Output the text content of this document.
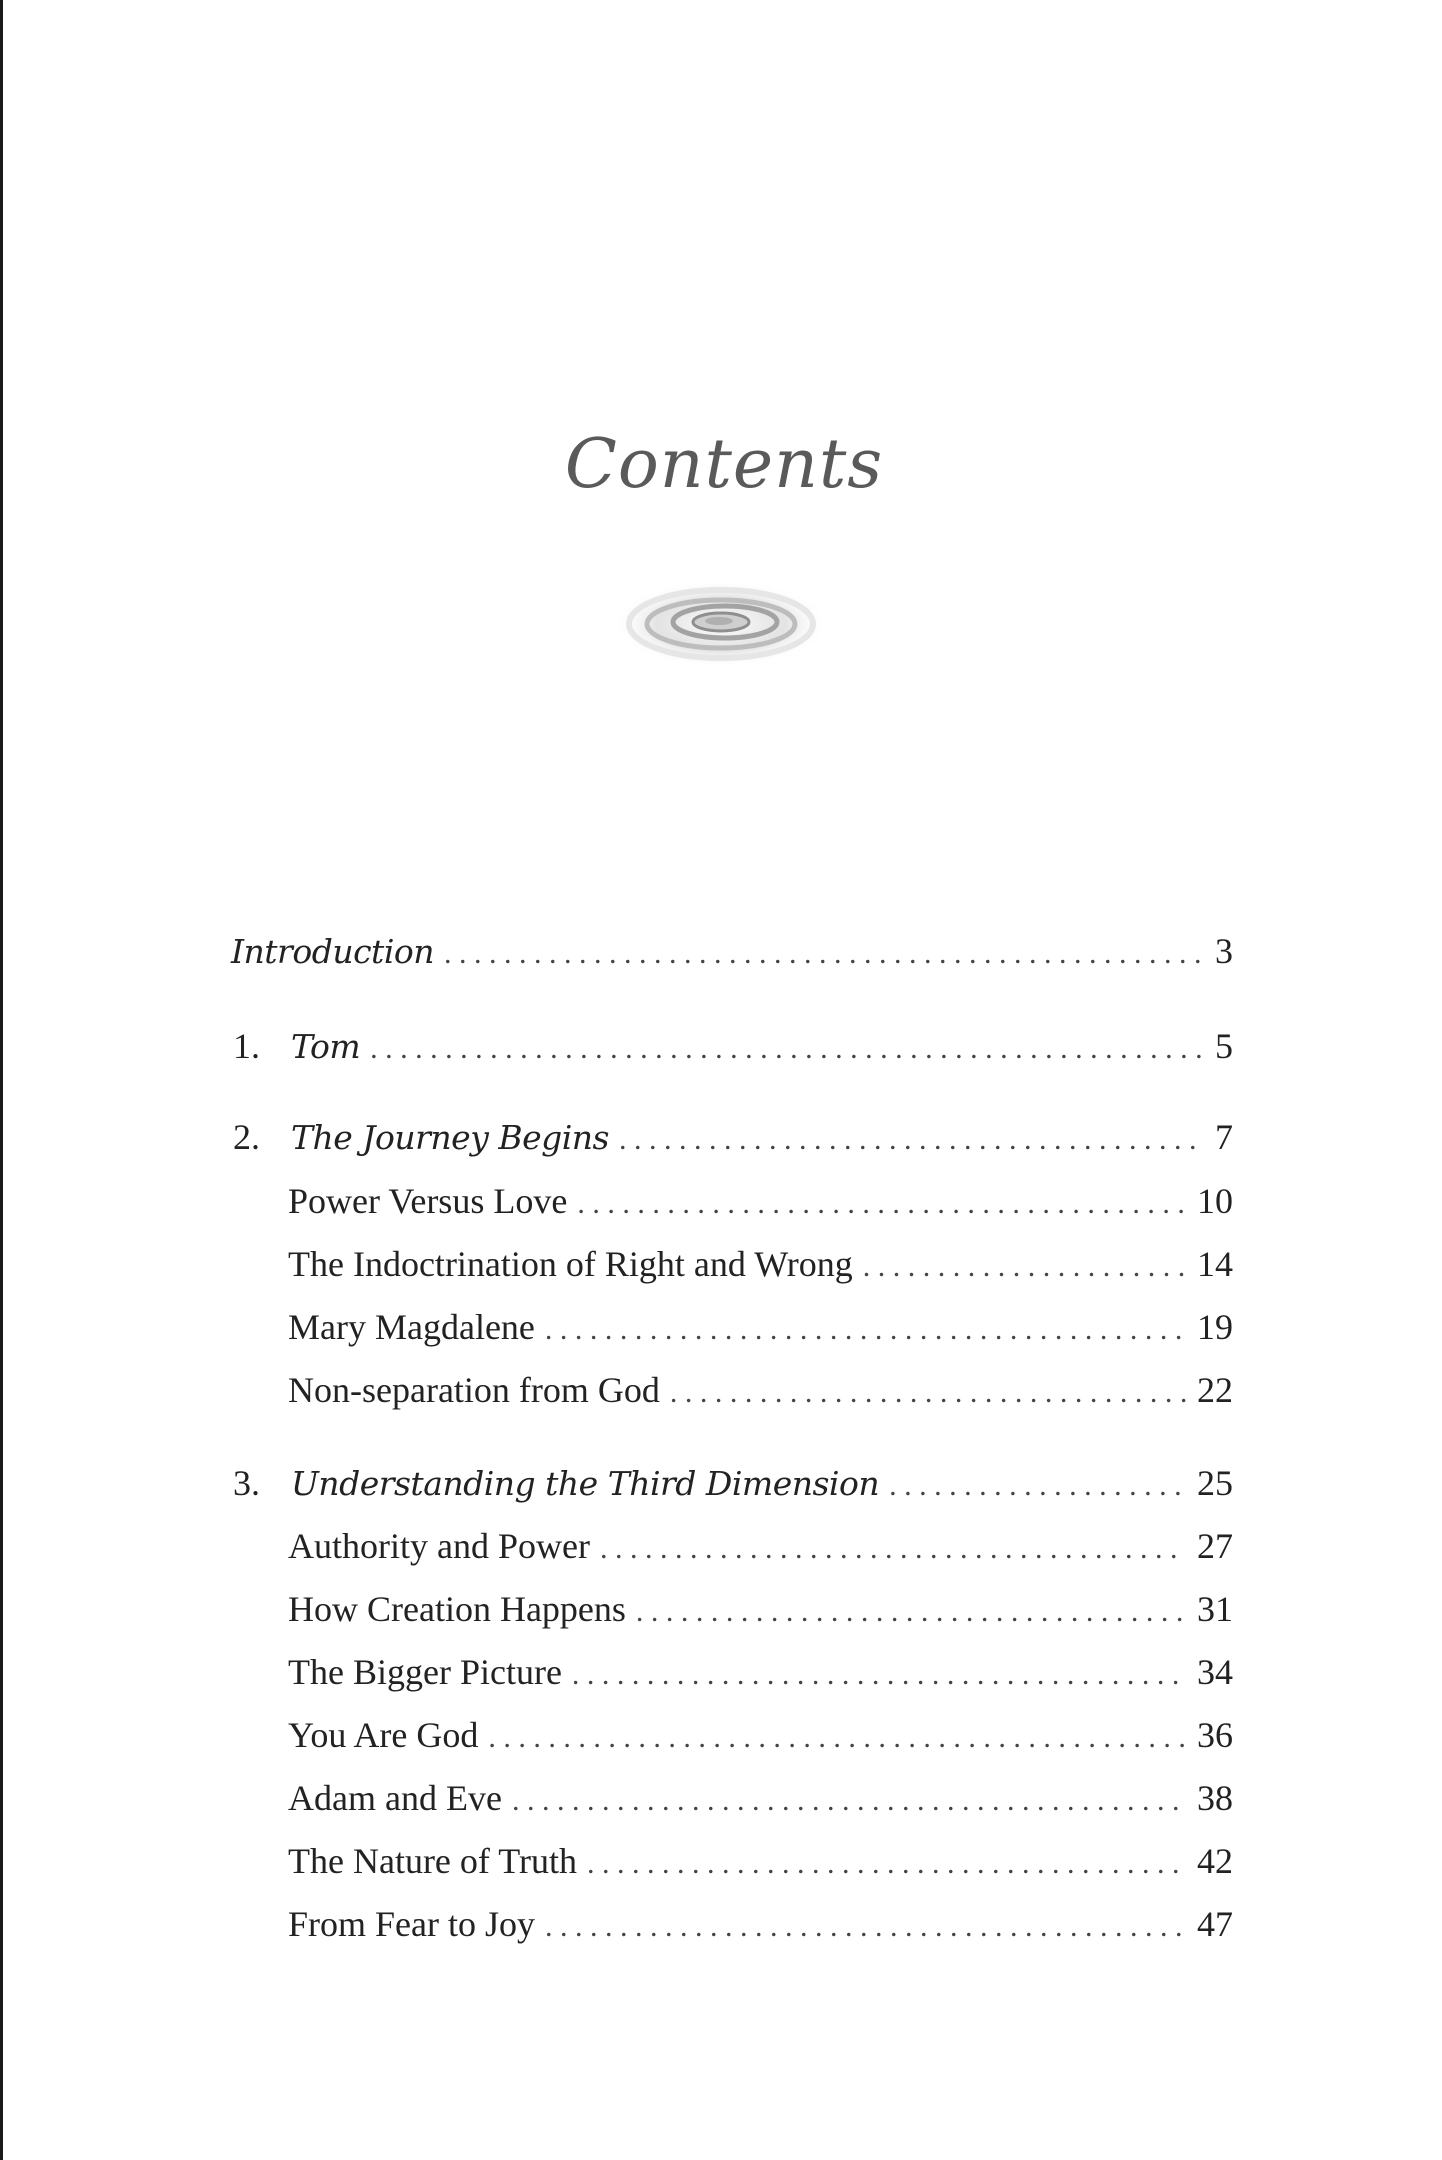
Contents
Introduction . . .	3
1. Tom . . .	5
2. The Journey Begins . . .	7
Power Versus Love . . .	10
The Indoctrination of Right and Wrong . . .	14
Mary Magdalene . . .	19
Non-separation from God . . .	22
3. Understanding the Third Dimension . . .	25
Authority and Power . . .	27
How Creation Happens . . .	31
The Bigger Picture . . .	34
You Are God . . .	36
Adam and Eve . . .	38
The Nature of Truth . . .	42
From Fear to Joy . . .	47
